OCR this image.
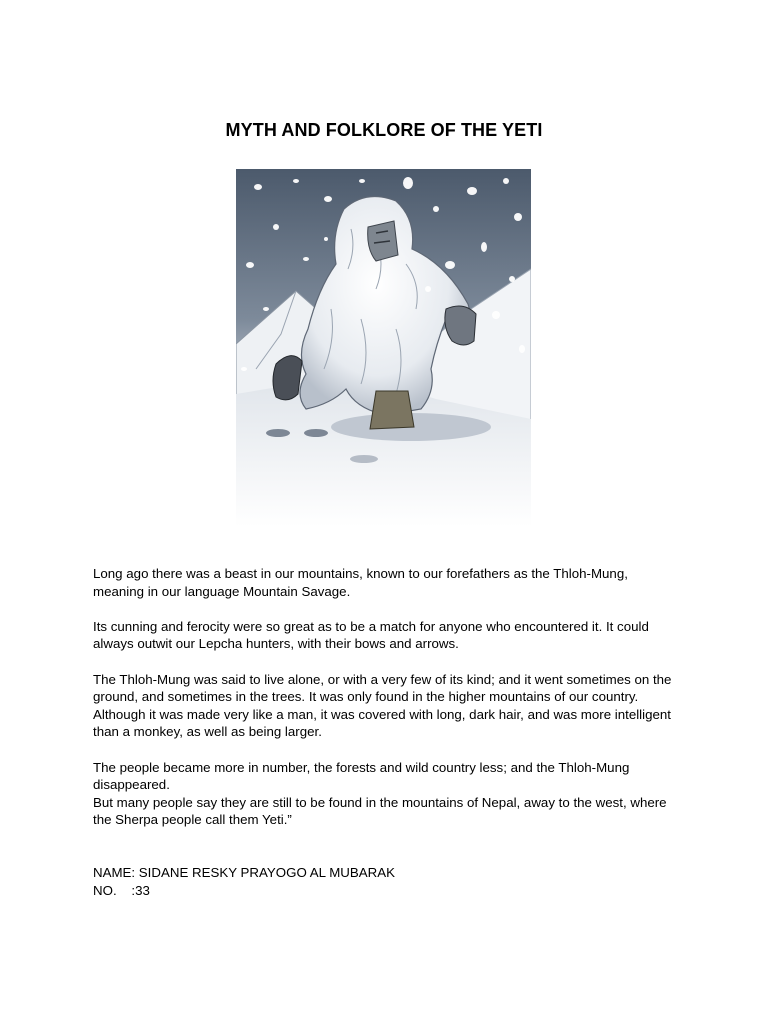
MYTH AND FOLKLORE OF THE YETI

Long ago there was a beast in our mountains, known to our forefathers as the Thloh-Mung, meaning in our language Mountain Savage.

Its cunning and ferocity were so great as to be a match for anyone who encountered it. It could always outwit our Lepcha hunters, with their bows and arrows.

The Thloh-Mung was said to live alone, or with a very few of its kind; and it went sometimes on the ground, and sometimes in the trees. It was only found in the higher mountains of our country. Although it was made very like a man, it was covered with long, dark hair, and was more intelligent than a monkey, as well as being larger.

The people became more in number, the forests and wild country less; and the Thloh-Mung disappeared.

But many people say they are still to be found in the mountains of Nepal, away to the west, where the Sherpa people call them Yeti.”

NAME: SIDANE RESKY PRAYOGO AL MUBARAK
NO.    :33
